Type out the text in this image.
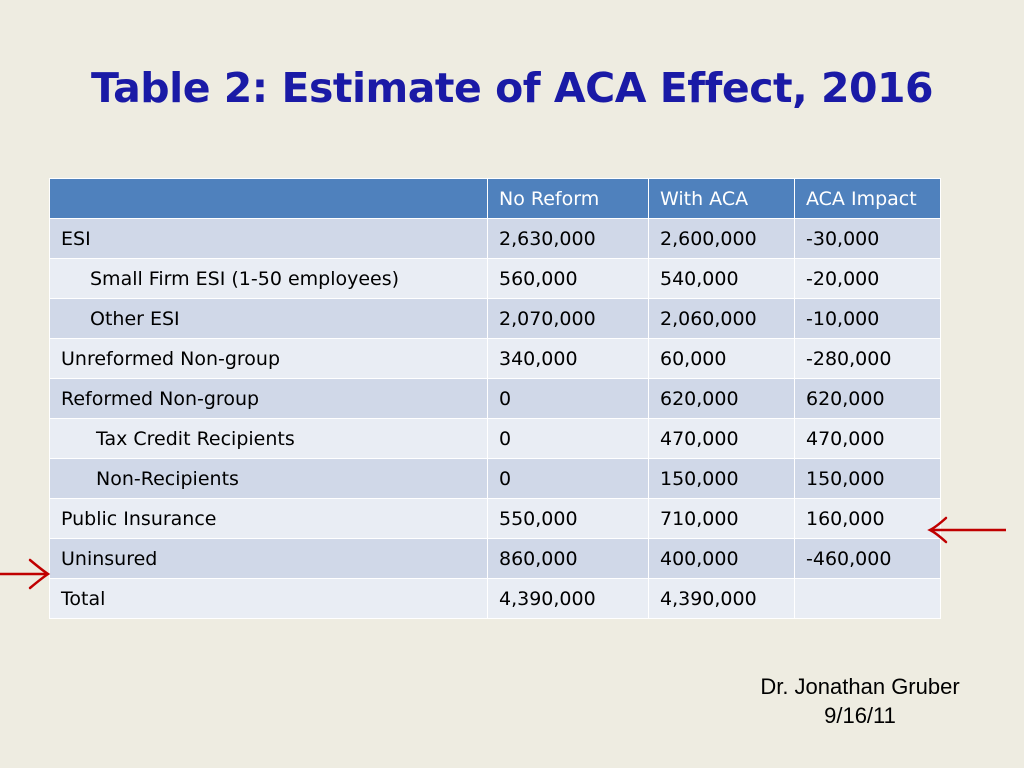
Table 2: Estimate of ACA Effect, 2016
	No Reform	With ACA	ACA Impact
ESI	2,630,000	2,600,000	-30,000
Small Firm ESI (1-50 employees)	560,000	540,000	-20,000
Other ESI	2,070,000	2,060,000	-10,000
Unreformed Non-group	340,000	60,000	-280,000
Reformed Non-group	0	620,000	620,000
Tax Credit Recipients	0	470,000	470,000
Non-Recipients	0	150,000	150,000
Public Insurance	550,000	710,000	160,000
Uninsured	860,000	400,000	-460,000
Total	4,390,000	4,390,000	
Dr. Jonathan Gruber
9/16/11
